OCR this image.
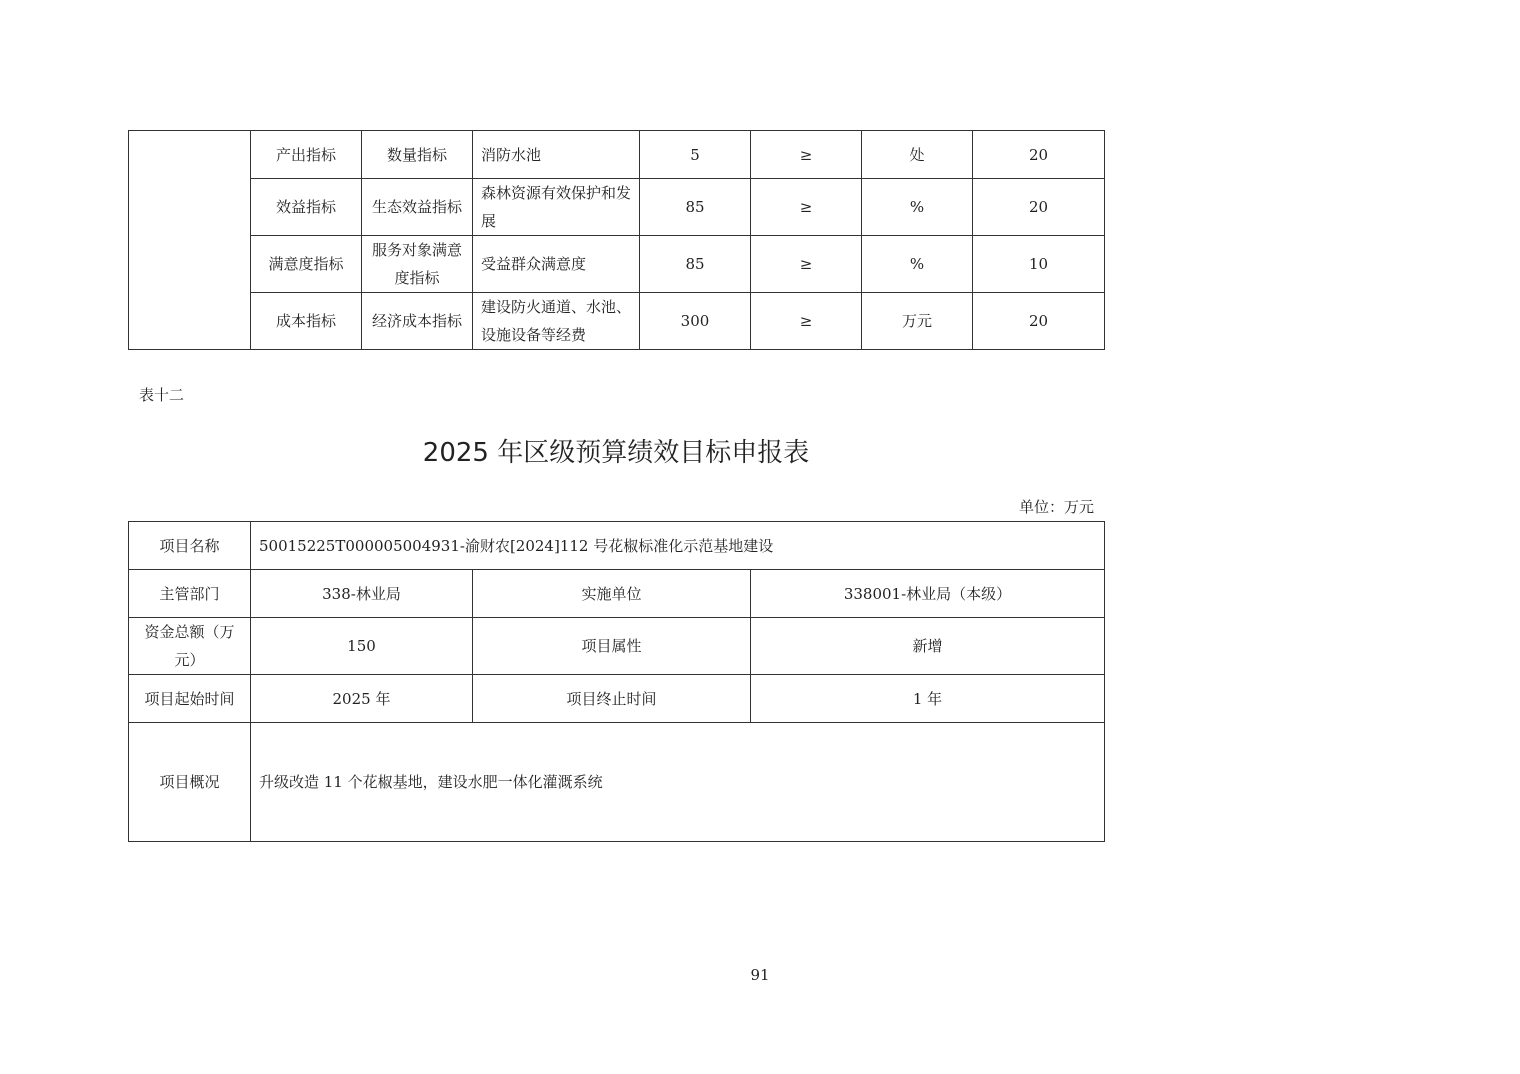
	产出指标	数量指标	消防水池	5	≥	处	20
	效益指标	生态效益指标	森林资源有效保护和发展	85	≥	%	20
	满意度指标	服务对象满意度指标	受益群众满意度	85	≥	%	10
	成本指标	经济成本指标	建设防火通道、水池、设施设备等经费	300	≥	万元	20
表十二
2025 年区级预算绩效目标申报表
单位：万元
项目名称	50015225T000005004931-渝财农[2024]112 号花椒标准化示范基地建设		
主管部门	338-林业局	实施单位	338001-林业局（本级）
资金总额（万元）	150	项目属性	新增
项目起始时间	2025 年	项目终止时间	1 年
项目概况	升级改造 11 个花椒基地，建设水肥一体化灌溉系统		
91
